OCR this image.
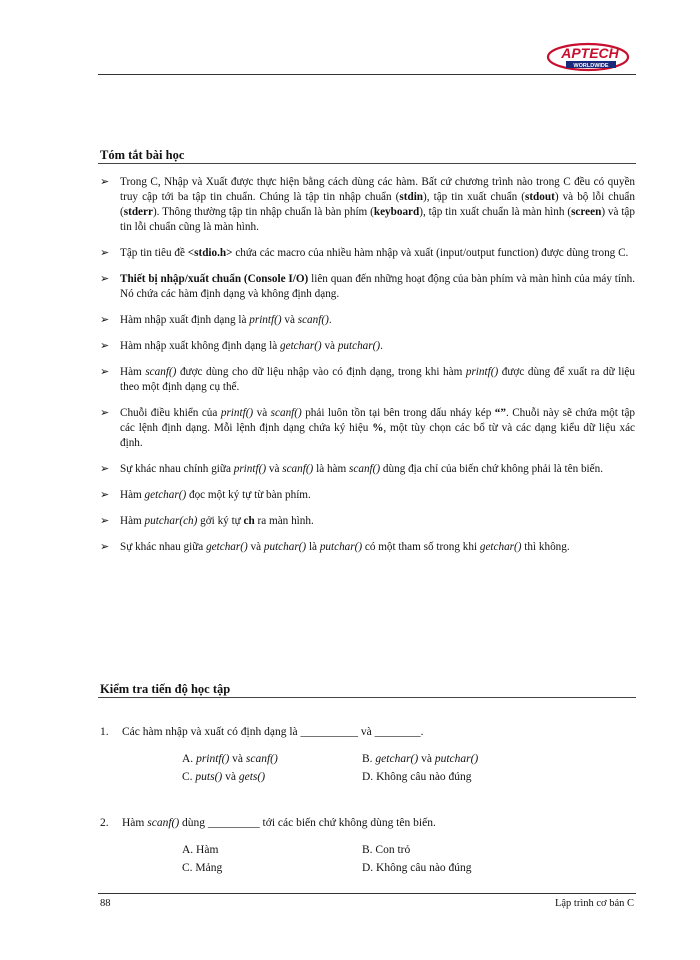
APTECH
WORLDWIDE
Tóm tắt bài học
➢ Trong C, Nhập và Xuất được thực hiện bằng cách dùng các hàm. Bất cứ chương trình nào trong C đều có quyền truy cập tới ba tập tin chuẩn. Chúng là tập tin nhập chuẩn (stdin), tập tin xuất chuẩn (stdout) và bộ lỗi chuẩn (stderr). Thông thường tập tin nhập chuẩn là bàn phím (keyboard), tập tin xuất chuẩn là màn hình (screen) và tập tin lỗi chuẩn cũng là màn hình.
➢ Tập tin tiêu đề <stdio.h> chứa các macro của nhiều hàm nhập và xuất (input/output function) được dùng trong C.
➢ Thiết bị nhập/xuất chuẩn (Console I/O) liên quan đến những hoạt động của bàn phím và màn hình của máy tính. Nó chứa các hàm định dạng và không định dạng.
➢ Hàm nhập xuất định dạng là printf() và scanf().
➢ Hàm nhập xuất không định dạng là getchar() và putchar().
➢ Hàm scanf() được dùng cho dữ liệu nhập vào có định dạng, trong khi hàm printf() được dùng để xuất ra dữ liệu theo một định dạng cụ thể.
➢ Chuỗi điều khiển của printf() và scanf() phải luôn tồn tại bên trong dấu nháy kép “”. Chuỗi này sẽ chứa một tập các lệnh định dạng. Mỗi lệnh định dạng chứa ký hiệu %, một tùy chọn các bổ từ và các dạng kiểu dữ liệu xác định.
➢ Sự khác nhau chính giữa printf() và scanf() là hàm scanf() dùng địa chỉ của biến chứ không phải là tên biến.
➢ Hàm getchar() đọc một ký tự từ bàn phím.
➢ Hàm putchar(ch) gởi ký tự ch ra màn hình.
➢ Sự khác nhau giữa getchar() và putchar() là putchar() có một tham số trong khi getchar() thì không.
Kiểm tra tiến độ học tập
1. Các hàm nhập và xuất có định dạng là __________ và ________.
A. printf() và scanf()	B. getchar() và putchar()
C. puts() và gets()	D. Không câu nào đúng
2. Hàm scanf() dùng _________ tới các biến chứ không dùng tên biến.
A. Hàm	B. Con trỏ
C. Mảng	D. Không câu nào đúng
88	Lập trình cơ bản C
